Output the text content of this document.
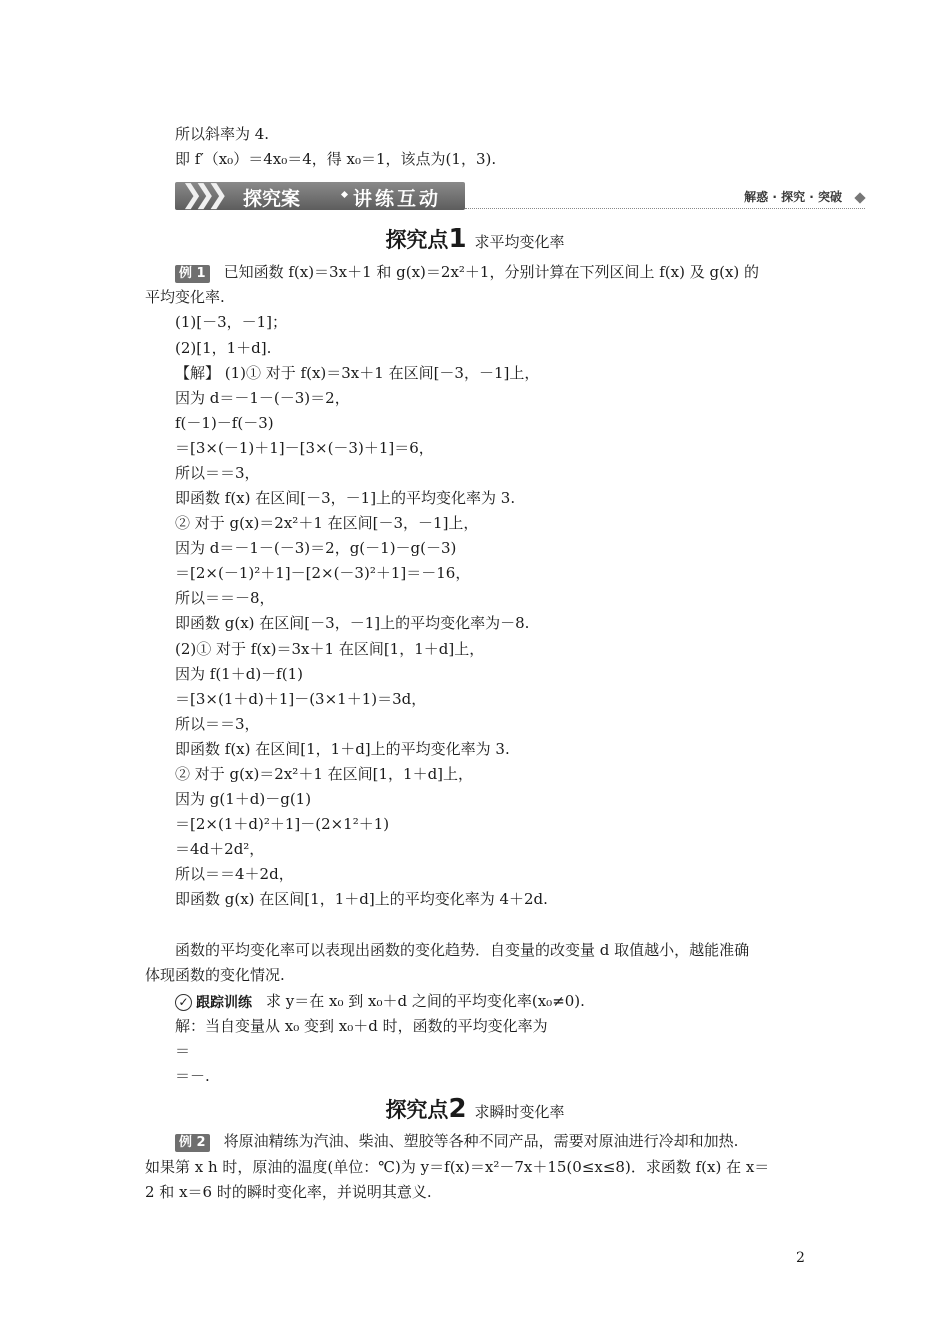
所以斜率为 4.
即 f′（x₀）＝4x₀＝4，得 x₀＝1，该点为(1，3).
❯❯❯ 探究案	讲练互动	解惑 · 探究 · 突破
探究点1 求平均变化率
例 1 已知函数 f(x)＝3x＋1 和 g(x)＝2x²＋1，分别计算在下列区间上 f(x) 及 g(x) 的
平均变化率.
(1)[－3，－1]；
(2)[1，1＋d].
【解】 (1)① 对于 f(x)＝3x＋1 在区间[－3，－1]上，
因为 d＝－1－(－3)＝2，
f(－1)－f(－3)
＝[3×(－1)＋1]－[3×(－3)＋1]＝6，
所以＝＝3，
即函数 f(x) 在区间[－3，－1]上的平均变化率为 3.
② 对于 g(x)＝2x²＋1 在区间[－3，－1]上，
因为 d＝－1－(－3)＝2，g(－1)－g(－3)
＝[2×(－1)²＋1]－[2×(－3)²＋1]＝－16，
所以＝＝－8，
即函数 g(x) 在区间[－3，－1]上的平均变化率为－8.
(2)① 对于 f(x)＝3x＋1 在区间[1，1＋d]上，
因为 f(1＋d)－f(1)
＝[3×(1＋d)＋1]－(3×1＋1)＝3d，
所以＝＝3，
即函数 f(x) 在区间[1，1＋d]上的平均变化率为 3.
② 对于 g(x)＝2x²＋1 在区间[1，1＋d]上，
因为 g(1＋d)－g(1)
＝[2×(1＋d)²＋1]－(2×1²＋1)
＝4d＋2d²，
所以＝＝4＋2d，
即函数 g(x) 在区间[1，1＋d]上的平均变化率为 4＋2d.
函数的平均变化率可以表现出函数的变化趋势．自变量的改变量 d 取值越小，越能准确
体现函数的变化情况.
✓ 跟踪训练 求 y＝在 x₀ 到 x₀＋d 之间的平均变化率(x₀≠0).
解：当自变量从 x₀ 变到 x₀＋d 时，函数的平均变化率为
＝
＝－.
探究点2 求瞬时变化率
例 2 将原油精练为汽油、柴油、塑胶等各种不同产品，需要对原油进行冷却和加热.
如果第 x h 时，原油的温度(单位：℃)为 y＝f(x)＝x²－7x＋15(0≤x≤8)．求函数 f(x) 在 x＝
2 和 x＝6 时的瞬时变化率，并说明其意义.
2
